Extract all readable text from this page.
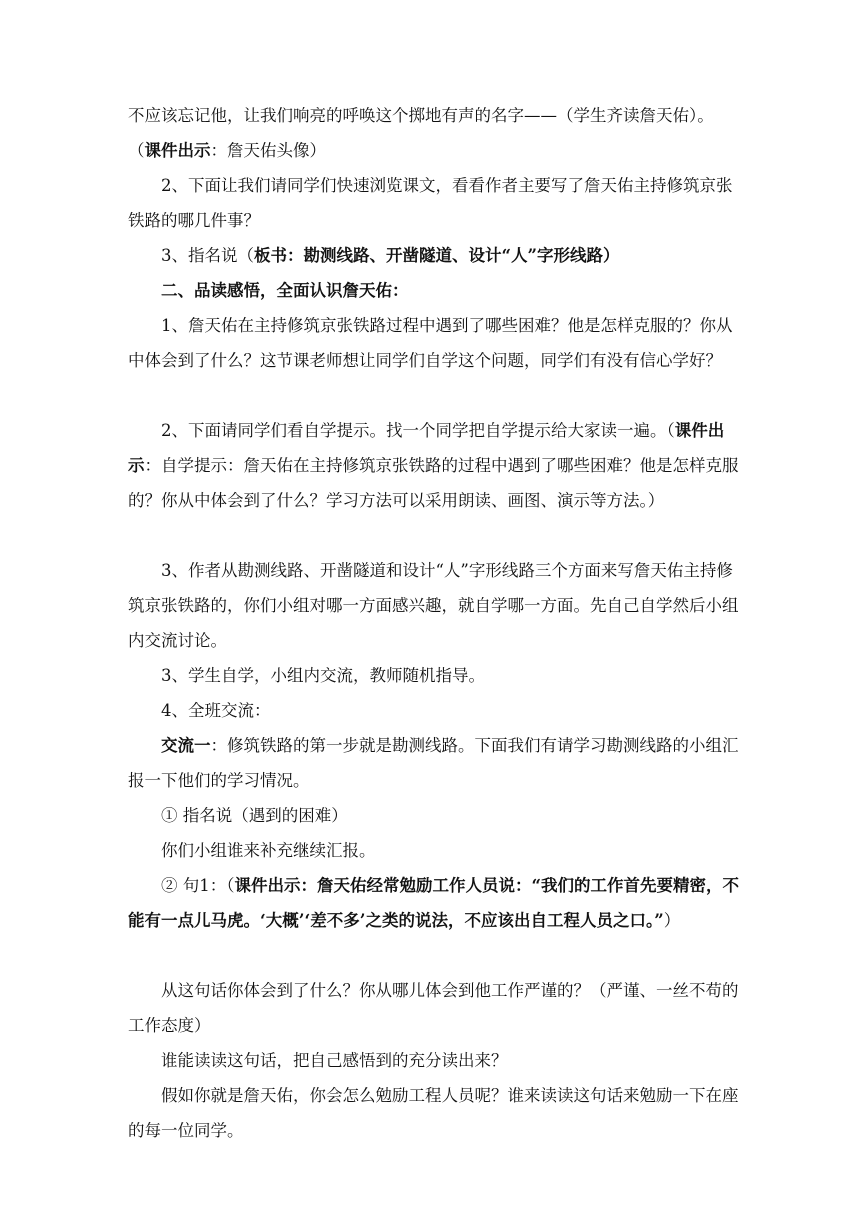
不应该忘记他，让我们响亮的呼唤这个掷地有声的名字——（学生齐读詹天佑）。

（课件出示：詹天佑头像）

2、下面让我们请同学们快速浏览课文，看看作者主要写了詹天佑主持修筑京张铁路的哪几件事？

3、指名说（板书：勘测线路、开凿隧道、设计“人”字形线路）

二、品读感悟，全面认识詹天佑：

1、詹天佑在主持修筑京张铁路过程中遇到了哪些困难？他是怎样克服的？你从中体会到了什么？这节课老师想让同学们自学这个问题，同学们有没有信心学好？

2、下面请同学们看自学提示。找一个同学把自学提示给大家读一遍。（课件出示：自学提示：詹天佑在主持修筑京张铁路的过程中遇到了哪些困难？他是怎样克服的？你从中体会到了什么？学习方法可以采用朗读、画图、演示等方法。）

3、作者从勘测线路、开凿隧道和设计“人”字形线路三个方面来写詹天佑主持修筑京张铁路的，你们小组对哪一方面感兴趣，就自学哪一方面。先自己自学然后小组内交流讨论。

3、学生自学，小组内交流，教师随机指导。

4、全班交流：

交流一：修筑铁路的第一步就是勘测线路。下面我们有请学习勘测线路的小组汇报一下他们的学习情况。

① 指名说（遇到的困难）

你们小组谁来补充继续汇报。

② 句1：（课件出示：詹天佑经常勉励工作人员说：“我们的工作首先要精密，不能有一点儿马虎。‘大概’‘差不多’之类的说法，不应该出自工程人员之口。”）

从这句话你体会到了什么？你从哪儿体会到他工作严谨的？（严谨、一丝不苟的工作态度）

谁能读读这句话，把自己感悟到的充分读出来？

假如你就是詹天佑，你会怎么勉励工程人员呢？谁来读读这句话来勉励一下在座的每一位同学。
